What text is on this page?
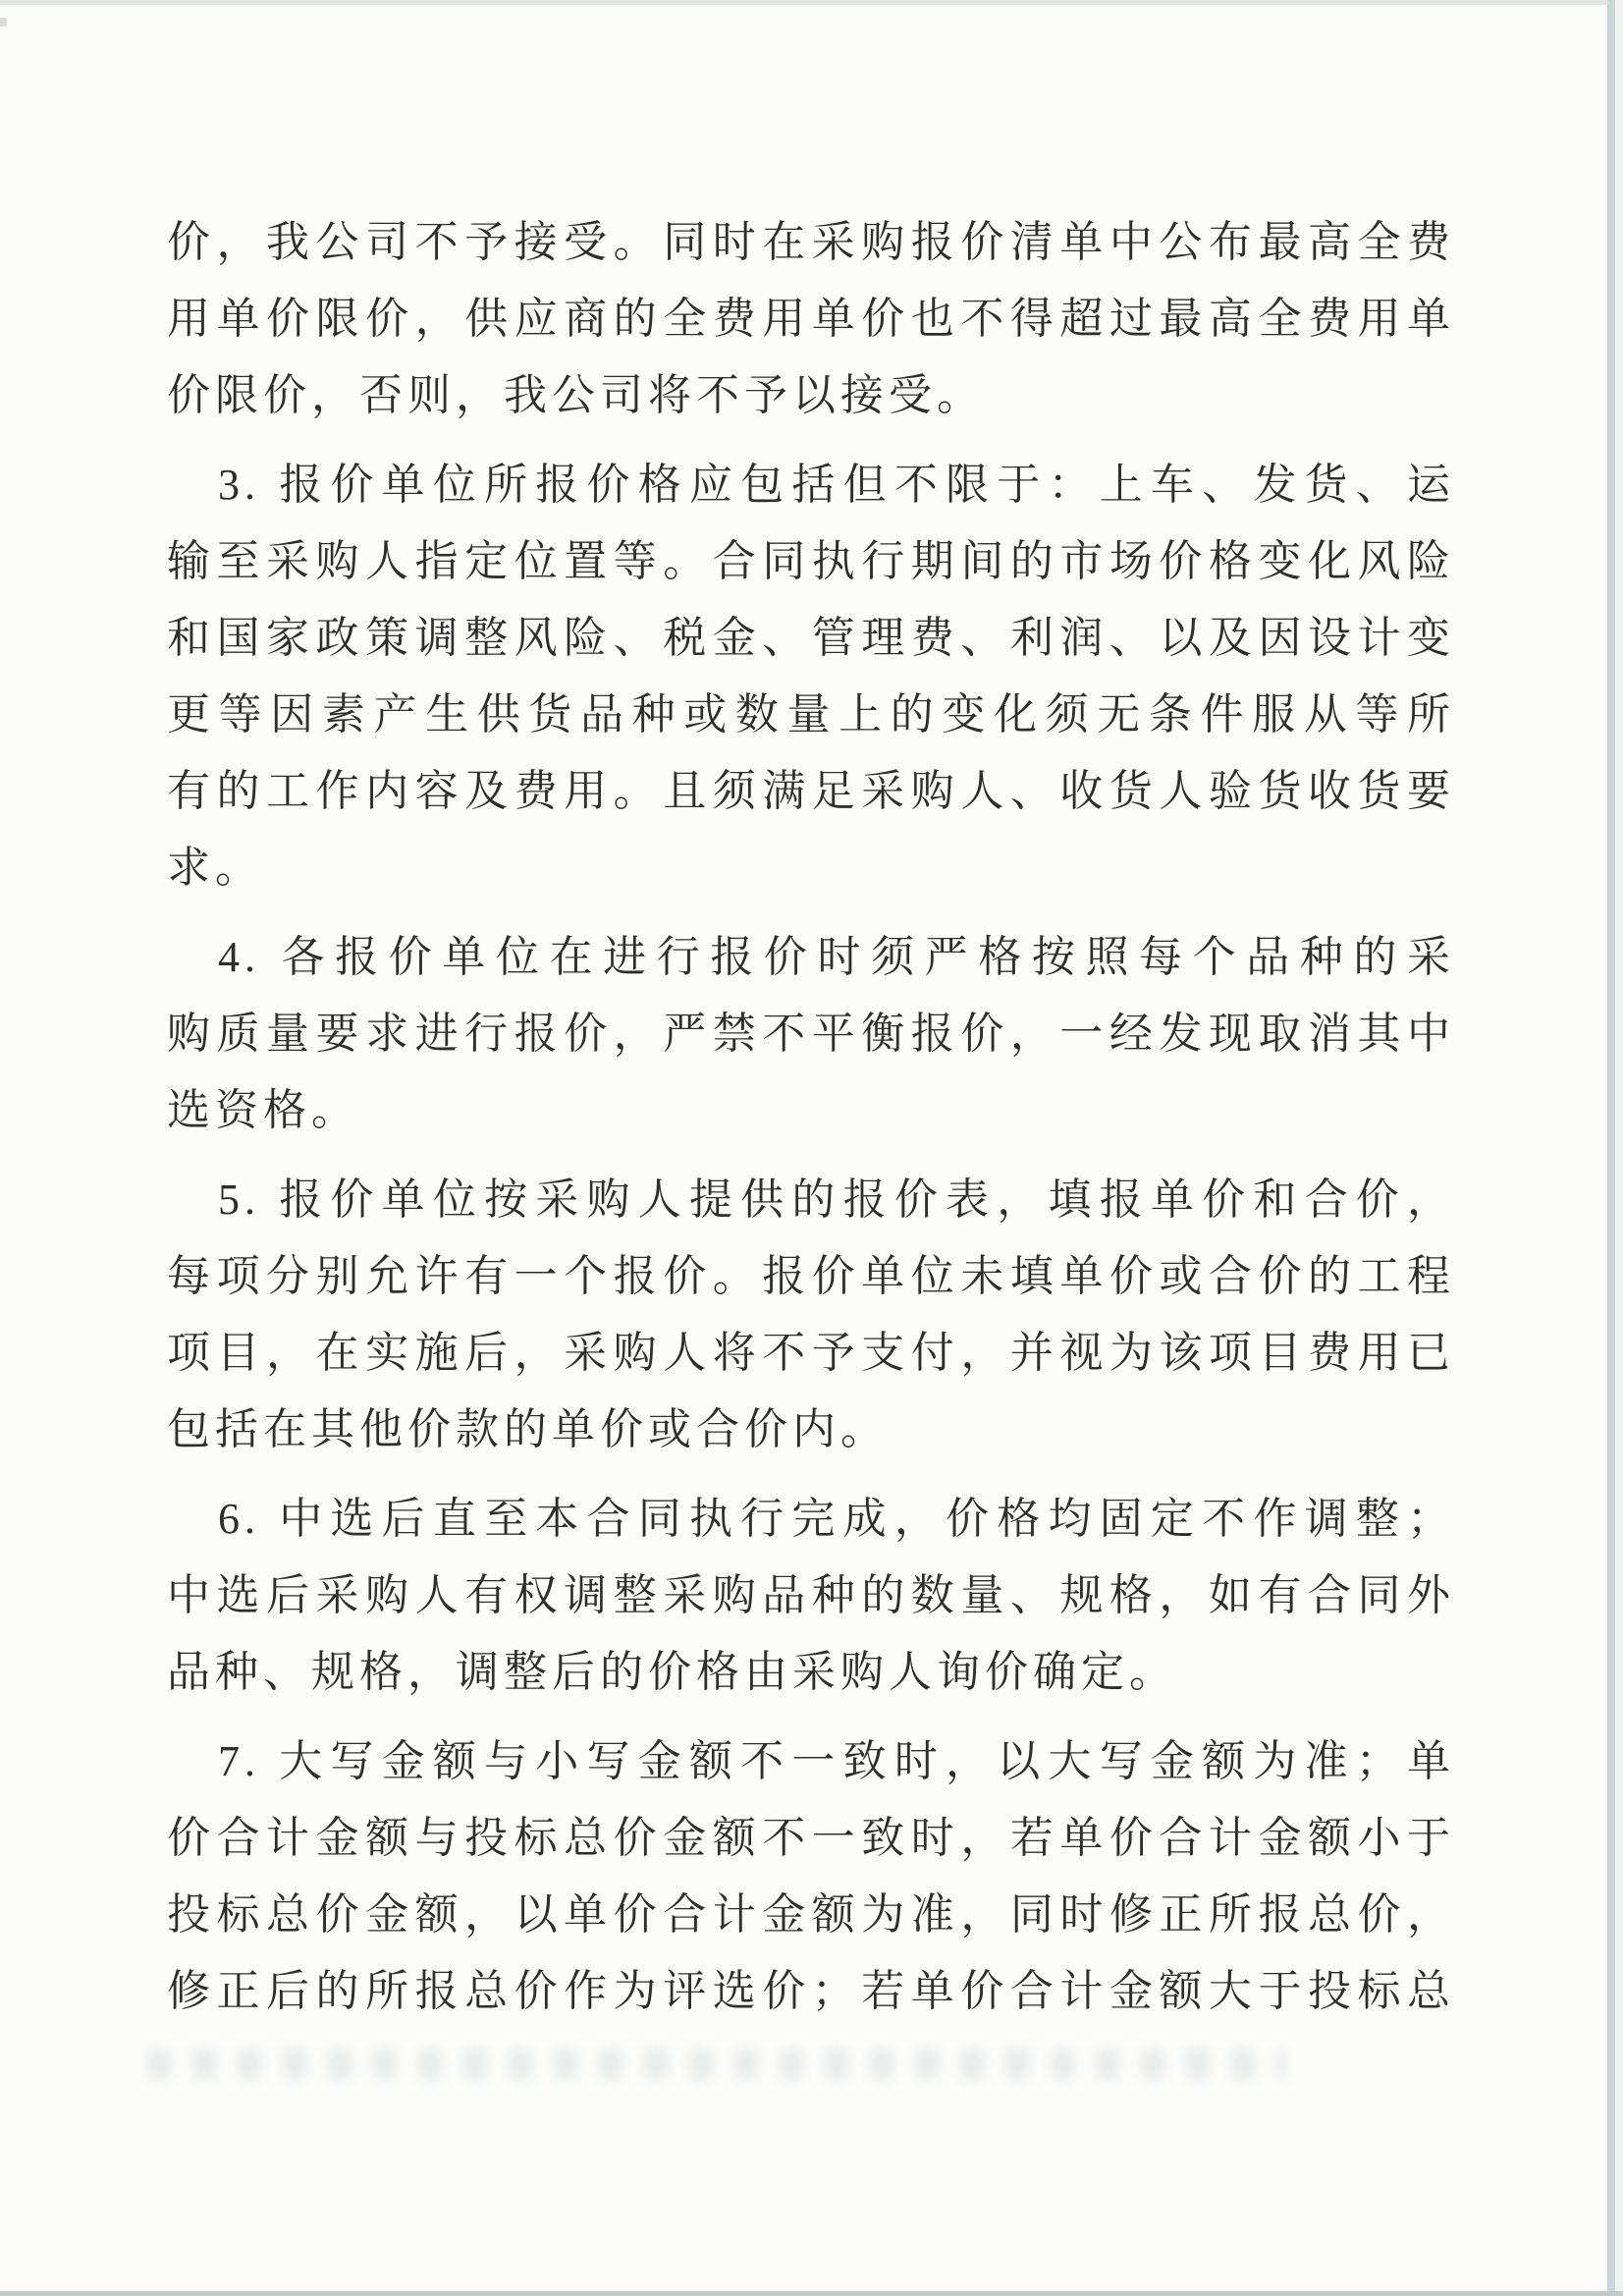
价，我公司不予接受。同时在采购报价清单中公布最高全费
用单价限价，供应商的全费用单价也不得超过最高全费用单
价限价，否则，我公司将不予以接受。
3. 报价单位所报价格应包括但不限于：上车、发货、运
输至采购人指定位置等。合同执行期间的市场价格变化风险
和国家政策调整风险、税金、管理费、利润、以及因设计变
更等因素产生供货品种或数量上的变化须无条件服从等所
有的工作内容及费用。且须满足采购人、收货人验货收货要
求。
4. 各报价单位在进行报价时须严格按照每个品种的采
购质量要求进行报价，严禁不平衡报价，一经发现取消其中
选资格。
5. 报价单位按采购人提供的报价表，填报单价和合价，
每项分别允许有一个报价。报价单位未填单价或合价的工程
项目，在实施后，采购人将不予支付，并视为该项目费用已
包括在其他价款的单价或合价内。
6. 中选后直至本合同执行完成，价格均固定不作调整；
中选后采购人有权调整采购品种的数量、规格，如有合同外
品种、规格，调整后的价格由采购人询价确定。
7. 大写金额与小写金额不一致时，以大写金额为准；单
价合计金额与投标总价金额不一致时，若单价合计金额小于
投标总价金额，以单价合计金额为准，同时修正所报总价，
修正后的所报总价作为评选价；若单价合计金额大于投标总
